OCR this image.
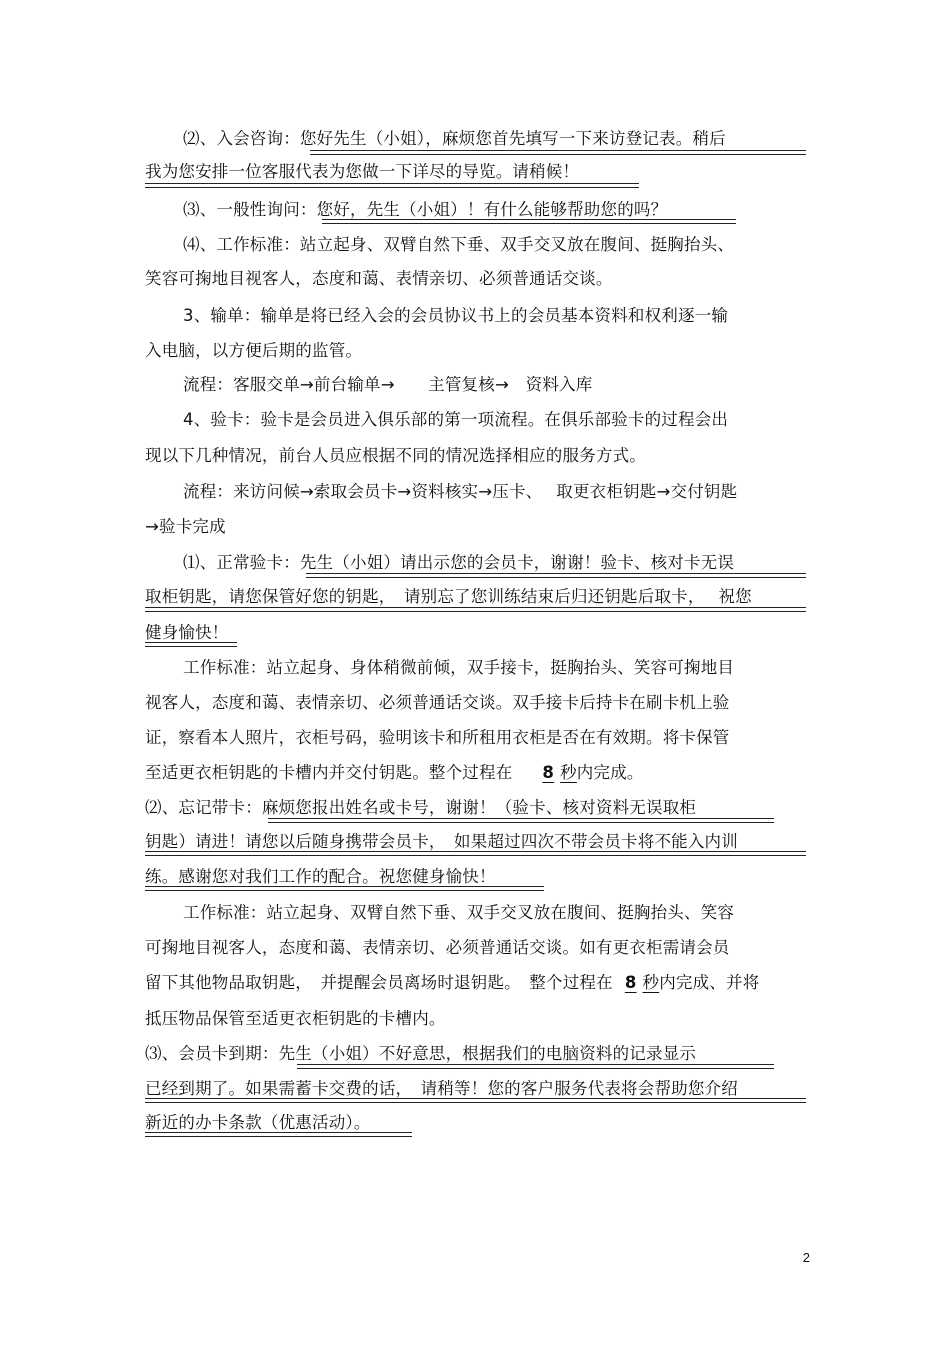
⑵、入会咨询：您好先生（小姐），麻烦您首先填写一下来访登记表。稍后
我为您安排一位客服代表为您做一下详尽的导览。请稍候！
⑶、一般性询问：您好，先生（小姐）！有什么能够帮助您的吗？
⑷、工作标准：站立起身、双臂自然下垂、双手交叉放在腹间、挺胸抬头、
笑容可掬地目视客人，态度和蔼、表情亲切、必须普通话交谈。
3、输单：输单是将已经入会的会员协议书上的会员基本资料和权利逐一输
入电脑，以方便后期的监管。
流程：客服交单→前台输单→　　主管复核→　资料入库
4、验卡：验卡是会员进入俱乐部的第一项流程。在俱乐部验卡的过程会出
现以下几种情况，前台人员应根据不同的情况选择相应的服务方式。
流程：来访问候→索取会员卡→资料核实→压卡、　 取更衣柜钥匙→交付钥匙
→验卡完成
⑴、正常验卡：先生（小姐）请出示您的会员卡，谢谢！验卡、核对卡无误
取柜钥匙，请您保管好您的钥匙，　请别忘了您训练结束后归还钥匙后取卡，　 祝您
健身愉快！
工作标准：站立起身、身体稍微前倾，双手接卡，挺胸抬头、笑容可掬地目
视客人，态度和蔼、表情亲切、必须普通话交谈。双手接卡后持卡在刷卡机上验
证，察看本人照片，衣柜号码，验明该卡和所租用衣柜是否在有效期。将卡保管
至适更衣柜钥匙的卡槽内并交付钥匙。整个过程在 8 秒内完成。
⑵、忘记带卡：麻烦您报出姓名或卡号，谢谢！（验卡、核对资料无误取柜
钥匙）请进！请您以后随身携带会员卡，　如果超过四次不带会员卡将不能入内训
练。感谢您对我们工作的配合。祝您健身愉快！
工作标准：站立起身、双臂自然下垂、双手交叉放在腹间、挺胸抬头、笑容
可掬地目视客人，态度和蔼、表情亲切、必须普通话交谈。如有更衣柜需请会员
留下其他物品取钥匙，　并提醒会员离场时退钥匙。　整个过程在 8 秒内完成、并将
抵压物品保管至适更衣柜钥匙的卡槽内。
⑶、会员卡到期：先生（小姐）不好意思，根据我们的电脑资料的记录显示
已经到期了。如果需蓄卡交费的话，　请稍等！您的客户服务代表将会帮助您介绍
新近的办卡条款（优惠活动）。
2
